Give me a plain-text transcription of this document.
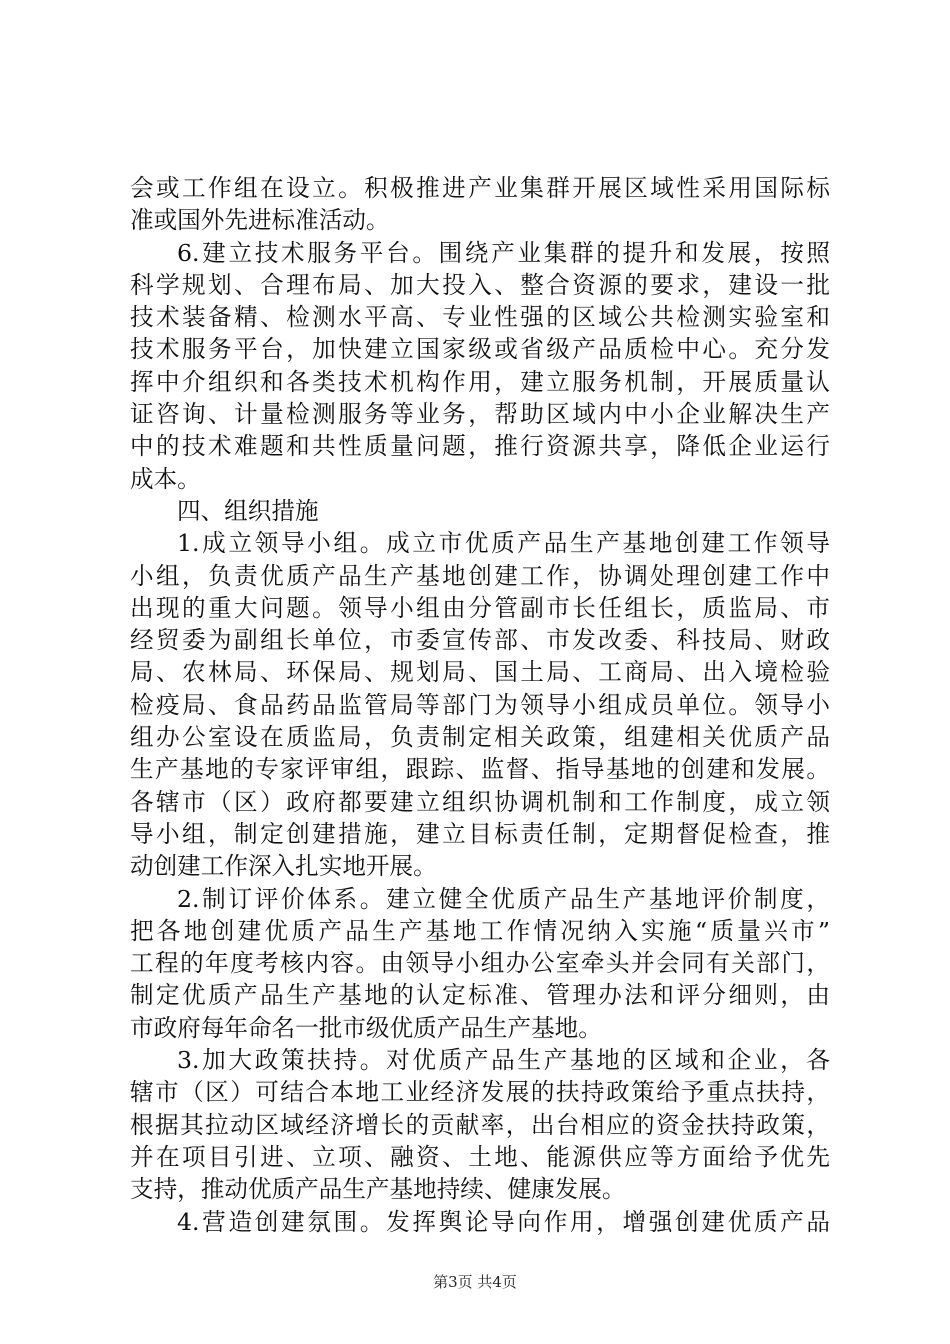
会或工作组在设立。积极推进产业集群开展区域性采用国际标
准或国外先进标准活动。
6.建立技术服务平台。围绕产业集群的提升和发展，按照
科学规划、合理布局、加大投入、整合资源的要求，建设一批
技术装备精、检测水平高、专业性强的区域公共检测实验室和
技术服务平台，加快建立国家级或省级产品质检中心。充分发
挥中介组织和各类技术机构作用，建立服务机制，开展质量认
证咨询、计量检测服务等业务，帮助区域内中小企业解决生产
中的技术难题和共性质量问题，推行资源共享，降低企业运行
成本。
四、组织措施
1.成立领导小组。成立市优质产品生产基地创建工作领导
小组，负责优质产品生产基地创建工作，协调处理创建工作中
出现的重大问题。领导小组由分管副市长任组长，质监局、市
经贸委为副组长单位，市委宣传部、市发改委、科技局、财政
局、农林局、环保局、规划局、国土局、工商局、出入境检验
检疫局、食品药品监管局等部门为领导小组成员单位。领导小
组办公室设在质监局，负责制定相关政策，组建相关优质产品
生产基地的专家评审组，跟踪、监督、指导基地的创建和发展。
各辖市（区）政府都要建立组织协调机制和工作制度，成立领
导小组，制定创建措施，建立目标责任制，定期督促检查，推
动创建工作深入扎实地开展。
2.制订评价体系。建立健全优质产品生产基地评价制度，
把各地创建优质产品生产基地工作情况纳入实施“质量兴市”
工程的年度考核内容。由领导小组办公室牵头并会同有关部门，
制定优质产品生产基地的认定标准、管理办法和评分细则，由
市政府每年命名一批市级优质产品生产基地。
3.加大政策扶持。对优质产品生产基地的区域和企业，各
辖市（区）可结合本地工业经济发展的扶持政策给予重点扶持，
根据其拉动区域经济增长的贡献率，出台相应的资金扶持政策，
并在项目引进、立项、融资、土地、能源供应等方面给予优先
支持，推动优质产品生产基地持续、健康发展。
4.营造创建氛围。发挥舆论导向作用，增强创建优质产品
第3页 共4页
